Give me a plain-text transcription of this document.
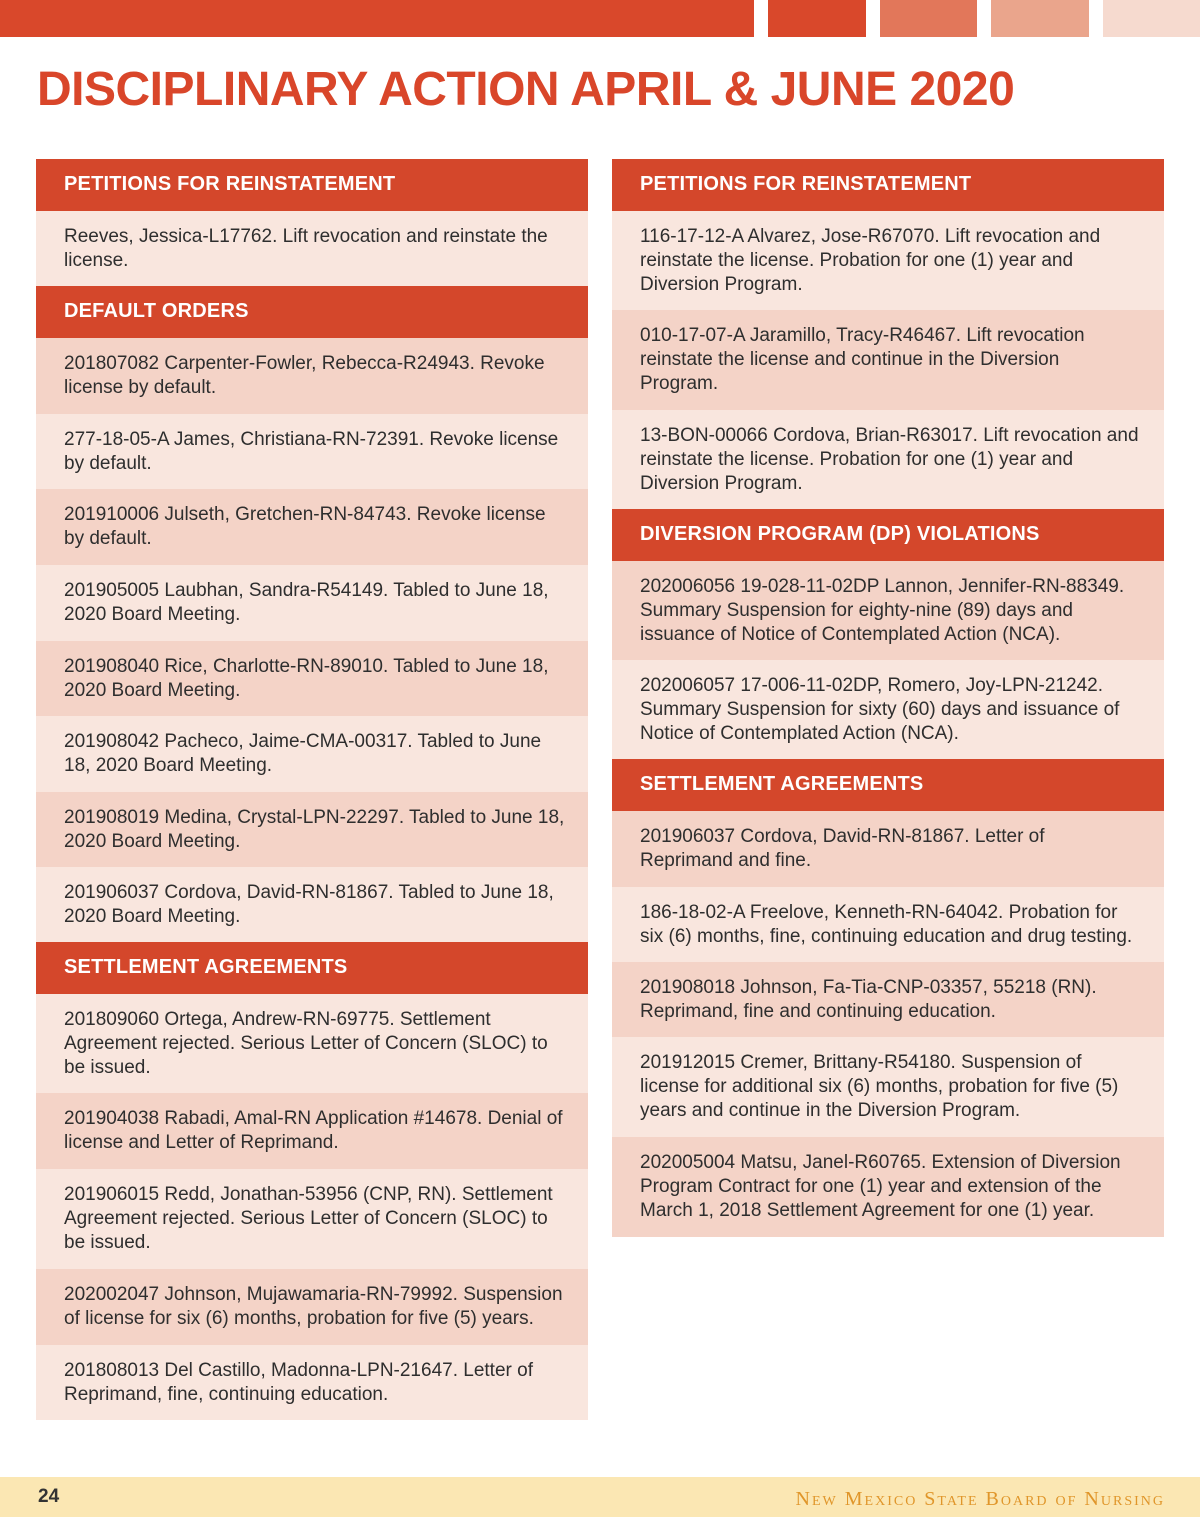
DISCIPLINARY ACTION APRIL & JUNE 2020
PETITIONS FOR REINSTATEMENT
Reeves, Jessica-L17762. Lift revocation and reinstate the license.
DEFAULT ORDERS
201807082 Carpenter-Fowler, Rebecca-R24943. Revoke license by default.
277-18-05-A James, Christiana-RN-72391. Revoke license by default.
201910006 Julseth, Gretchen-RN-84743. Revoke license by default.
201905005 Laubhan, Sandra-R54149. Tabled to June 18, 2020 Board Meeting.
201908040 Rice, Charlotte-RN-89010. Tabled to June 18, 2020 Board Meeting.
201908042 Pacheco, Jaime-CMA-00317. Tabled to June 18, 2020 Board Meeting.
201908019 Medina, Crystal-LPN-22297. Tabled to June 18, 2020 Board Meeting.
201906037 Cordova, David-RN-81867. Tabled to June 18, 2020 Board Meeting.
SETTLEMENT AGREEMENTS
201809060 Ortega, Andrew-RN-69775. Settlement Agreement rejected. Serious Letter of Concern (SLOC) to be issued.
201904038 Rabadi, Amal-RN Application #14678. Denial of license and Letter of Reprimand.
201906015 Redd, Jonathan-53956 (CNP, RN). Settlement Agreement rejected. Serious Letter of Concern (SLOC) to be issued.
202002047 Johnson, Mujawamaria-RN-79992. Suspension of license for six (6) months, probation for five (5) years.
201808013 Del Castillo, Madonna-LPN-21647. Letter of Reprimand, fine, continuing education.
PETITIONS FOR REINSTATEMENT
116-17-12-A Alvarez, Jose-R67070. Lift revocation and reinstate the license. Probation for one (1) year and Diversion Program.
010-17-07-A Jaramillo, Tracy-R46467. Lift revocation reinstate the license and continue in the Diversion Program.
13-BON-00066 Cordova, Brian-R63017. Lift revocation and reinstate the license. Probation for one (1) year and Diversion Program.
DIVERSION PROGRAM (DP) VIOLATIONS
202006056 19-028-11-02DP Lannon, Jennifer-RN-88349. Summary Suspension for eighty-nine (89) days and issuance of Notice of Contemplated Action (NCA).
202006057 17-006-11-02DP, Romero, Joy-LPN-21242. Summary Suspension for sixty (60) days and issuance of Notice of Contemplated Action (NCA).
SETTLEMENT AGREEMENTS
201906037 Cordova, David-RN-81867. Letter of Reprimand and fine.
186-18-02-A Freelove, Kenneth-RN-64042. Probation for six (6) months, fine, continuing education and drug testing.
201908018 Johnson, Fa-Tia-CNP-03357, 55218 (RN). Reprimand, fine and continuing education.
201912015 Cremer, Brittany-R54180. Suspension of license for additional six (6) months, probation for five (5) years and continue in the Diversion Program.
202005004 Matsu, Janel-R60765. Extension of Diversion Program Contract for one (1) year and extension of the March 1, 2018 Settlement Agreement for one (1) year.
24	New Mexico State Board of Nursing
